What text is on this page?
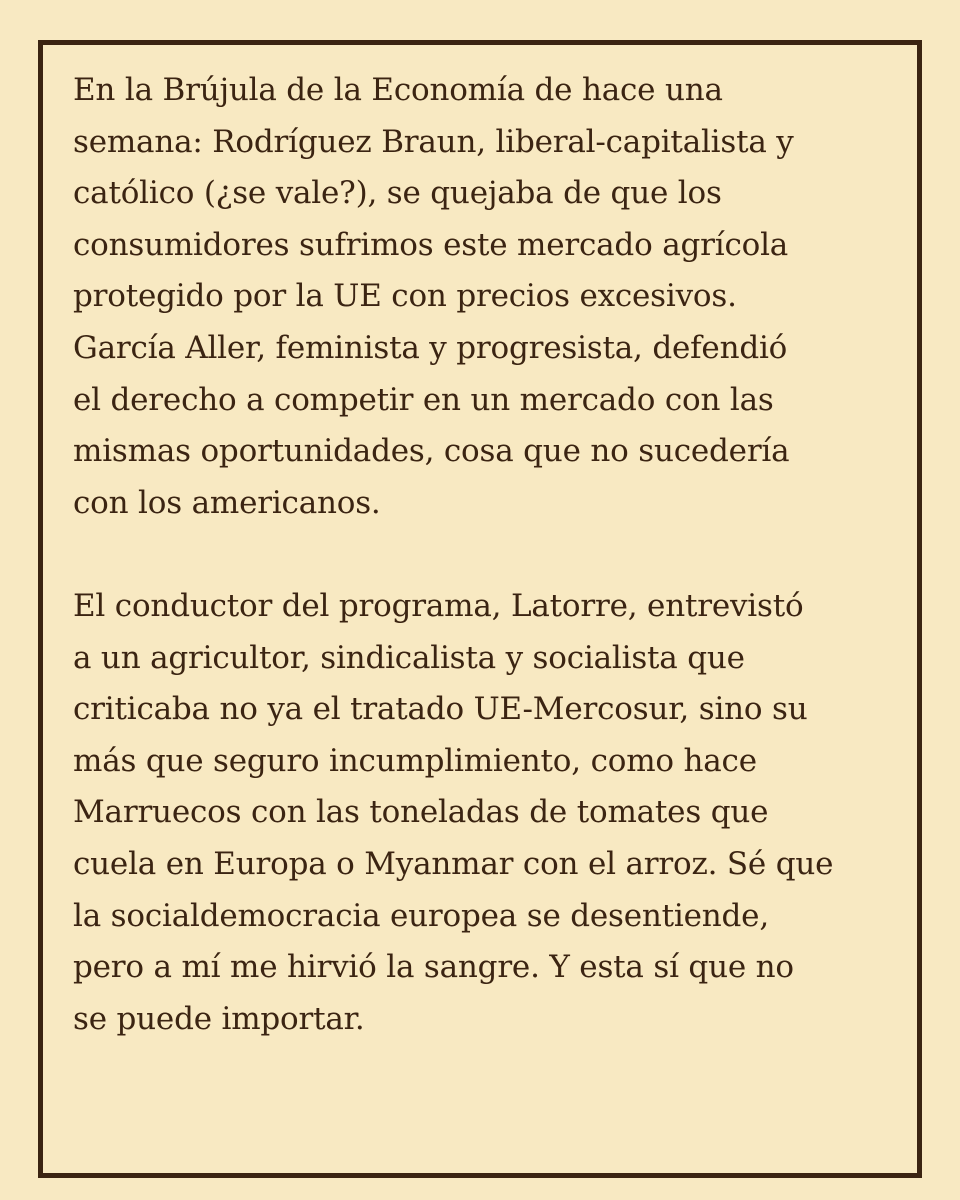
En la Brújula de la Economía de hace una
semana: Rodríguez Braun, liberal-capitalista y
católico (¿se vale?), se quejaba de que los
consumidores sufrimos este mercado agrícola
protegido por la UE con precios excesivos.
García Aller, feminista y progresista, defendió
el derecho a competir en un mercado con las
mismas oportunidades, cosa que no sucedería
con los americanos.

El conductor del programa, Latorre, entrevistó
a un agricultor, sindicalista y socialista que
criticaba no ya el tratado UE-Mercosur, sino su
más que seguro incumplimiento, como hace
Marruecos con las toneladas de tomates que
cuela en Europa o Myanmar con el arroz. Sé que
la socialdemocracia europea se desentiende,
pero a mí me hirvió la sangre. Y esta sí que no
se puede importar.
